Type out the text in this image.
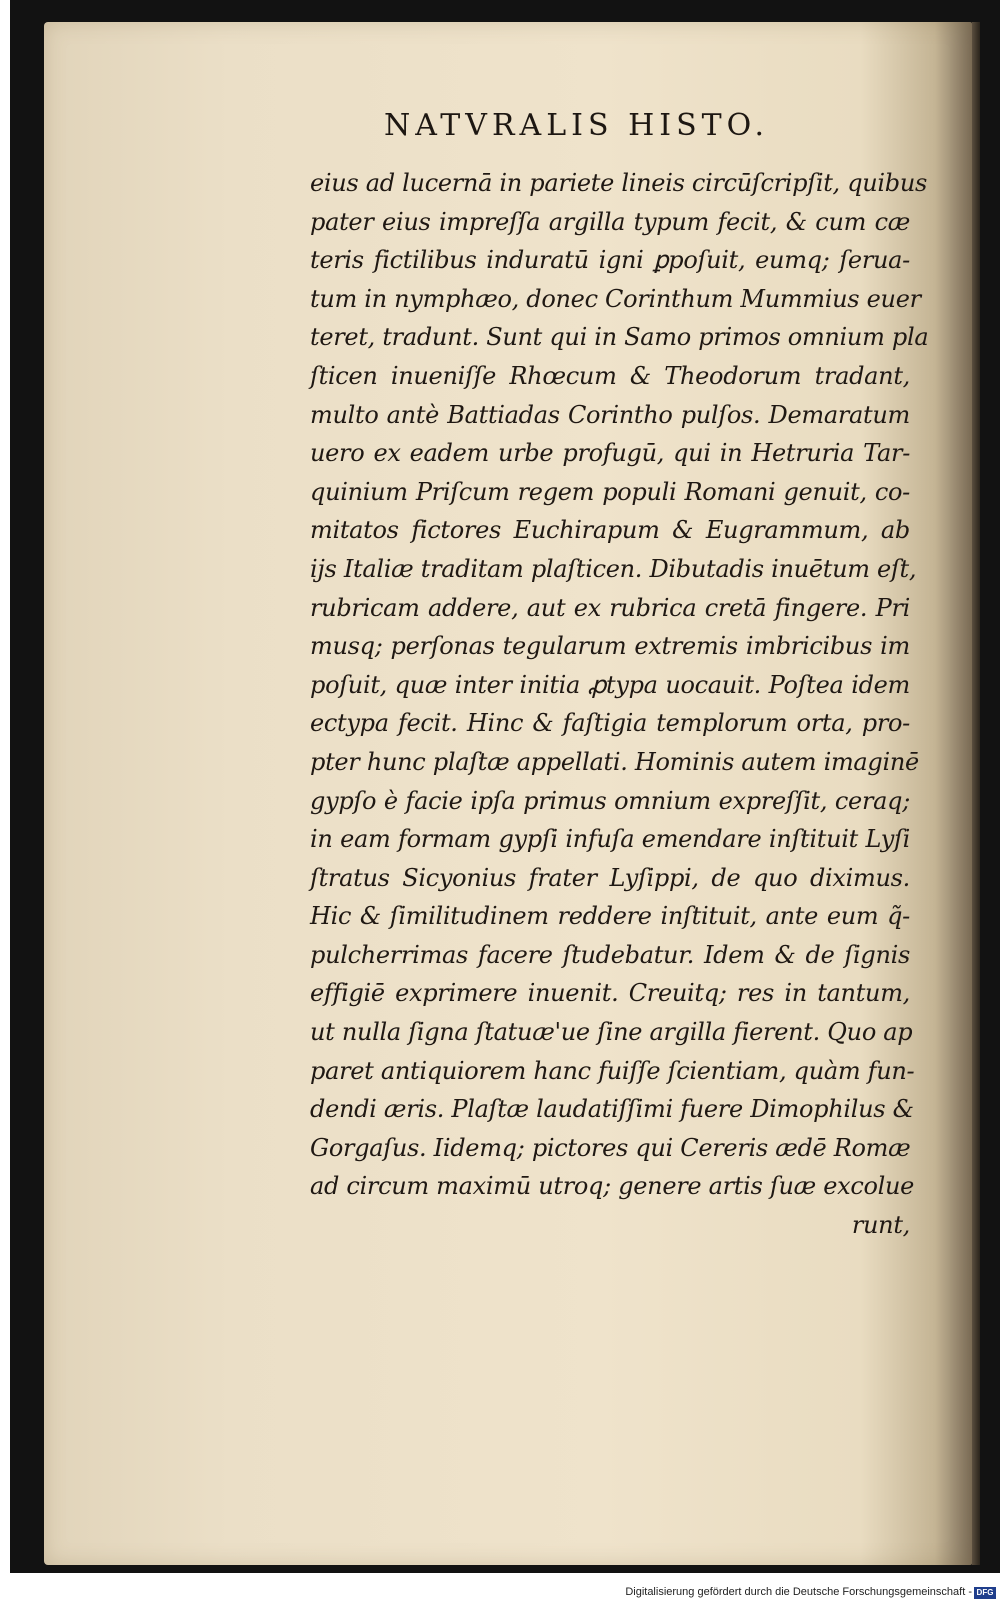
NATVRALIS HISTO.
eius ad lucernā in pariete lineis circūſcripſit, quibus
pater eius impreſſa argilla typum fecit, & cum cæ
teris fictilibus induratū igni ꝑpoſuit, eumq; ſerua-
tum in nymphæo, donec Corinthum Mummius euer
teret, tradunt. Sunt qui in Samo primos omnium pla
ſticen inueniſſe Rhœcum & Theodorum tradant,
multo antè Battiadas Corintho pulſos. Demaratum
uero ex eadem urbe profugū, qui in Hetruria Tar-
quinium Priſcum regem populi Romani genuit, co-
mitatos fictores Euchirapum & Eugrammum, ab
ijs Italiæ traditam plaſticen. Dibutadis inuētum eſt,
rubricam addere, aut ex rubrica cretā fingere. Pri
musq; perſonas tegularum extremis imbricibus im
poſuit, quæ inter initia ꝓtypa uocauit. Poſtea idem
ectypa fecit. Hinc & faſtigia templorum orta, pro-
pter hunc plaſtæ appellati. Hominis autem imaginē
gypſo è facie ipſa primus omnium expreſſit, ceraq;
in eam formam gypſi infuſa emendare inſtituit Lyſi
ſtratus Sicyonius frater Lyſippi, de quo diximus.
Hic & ſimilitudinem reddere inſtituit, ante eum q̃-
pulcherrimas facere ſtudebatur. Idem & de ſignis
effigiē exprimere inuenit. Creuitq; res in tantum,
ut nulla ſigna ſtatuæ'ue ſine argilla fierent. Quo ap
paret antiquiorem hanc fuiſſe ſcientiam, quàm fun-
dendi æris. Plaſtæ laudatiſſimi fuere Dimophilus &
Gorgaſus. Iidemq; pictores qui Cereris ædē Romæ
ad circum maximū utroq; genere artis ſuæ excolue
runt,
Digitalisierung gefördert durch die Deutsche Forschungsgemeinschaft - DFG
